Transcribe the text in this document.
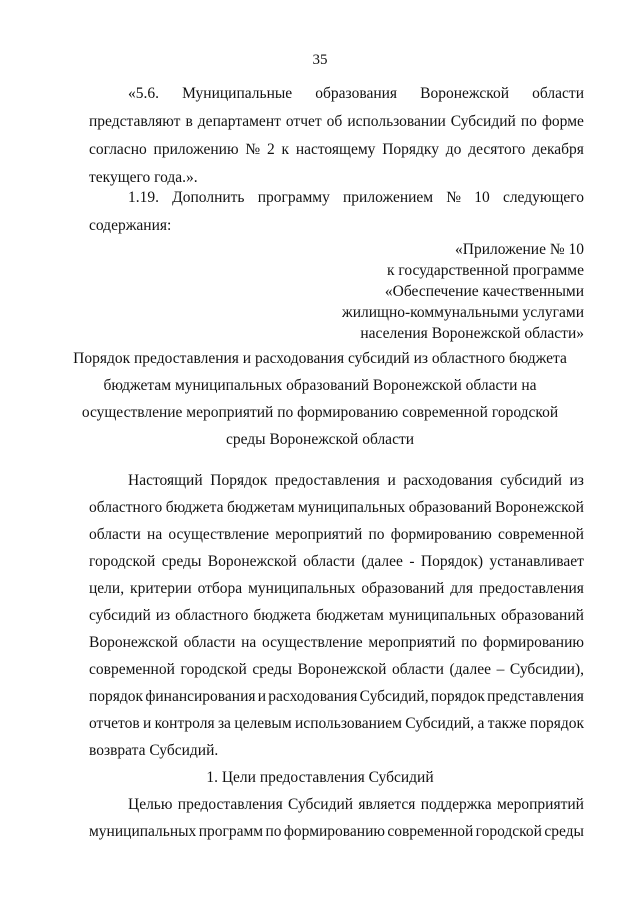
35
«5.6. Муниципальные образования Воронежской области
представляют в департамент отчет об использовании Субсидий по форме
согласно приложению № 2 к настоящему Порядку до десятого декабря
текущего года.».
1.19. Дополнить программу приложением № 10 следующего
содержания:
«Приложение № 10
к государственной программе
«Обеспечение качественными
жилищно-коммунальными услугами
населения Воронежской области»
Порядок предоставления и расходования субсидий из областного бюджета
бюджетам муниципальных образований Воронежской области на
осуществление мероприятий по формированию современной городской
среды Воронежской области
Настоящий Порядок предоставления и расходования субсидий из
областного бюджета бюджетам муниципальных образований Воронежской
области на осуществление мероприятий по формированию современной
городской среды Воронежской области (далее - Порядок) устанавливает
цели, критерии отбора муниципальных образований для предоставления
субсидий из областного бюджета бюджетам муниципальных образований
Воронежской области на осуществление мероприятий по формированию
современной городской среды Воронежской области (далее – Субсидии),
порядок финансирования и расходования Субсидий, порядок представления
отчетов и контроля за целевым использованием Субсидий, а также порядок
возврата Субсидий.
1. Цели предоставления Субсидий
Целью предоставления Субсидий является поддержка мероприятий
муниципальных программ по формированию современной городской среды
